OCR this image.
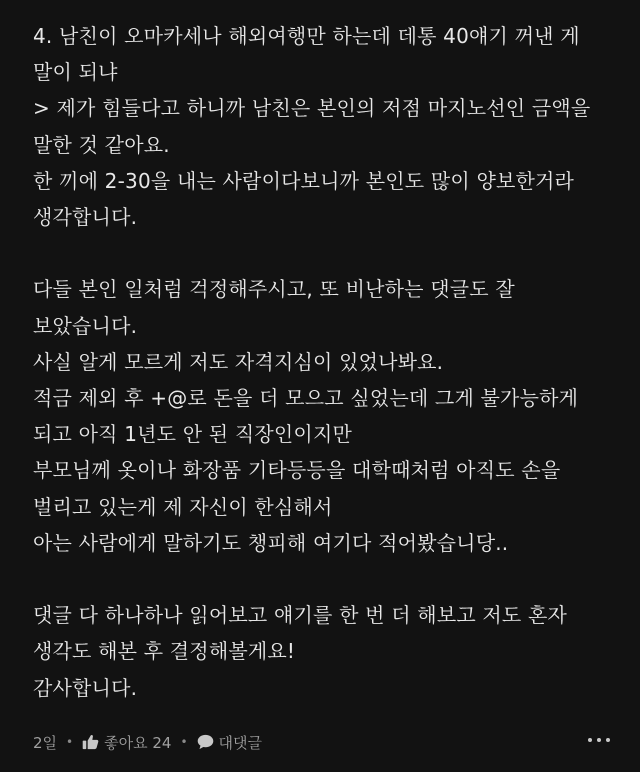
4. 남친이 오마카세나 해외여행만 하는데 데통 40얘기 꺼낸 게
말이 되냐
> 제가 힘들다고 하니까 남친은 본인의 저점 마지노선인 금액을
말한 것 같아요.
한 끼에 2-30을 내는 사람이다보니까 본인도 많이 양보한거라
생각합니다.
다들 본인 일처럼 걱정해주시고, 또 비난하는 댓글도 잘
보았습니다.
사실 알게 모르게 저도 자격지심이 있었나봐요.
적금 제외 후 +@로 돈을 더 모으고 싶었는데 그게 불가능하게
되고 아직 1년도 안 된 직장인이지만
부모님께 옷이나 화장품 기타등등을 대학때처럼 아직도 손을
벌리고 있는게 제 자신이 한심해서
아는 사람에게 말하기도 챙피해 여기다 적어봤습니당..
댓글 다 하나하나 읽어보고 얘기를 한 번 더 해보고 저도 혼자
생각도 해본 후 결정해볼게요!
감사합니다.
2일 • 좋아요 24 • 대댓글
